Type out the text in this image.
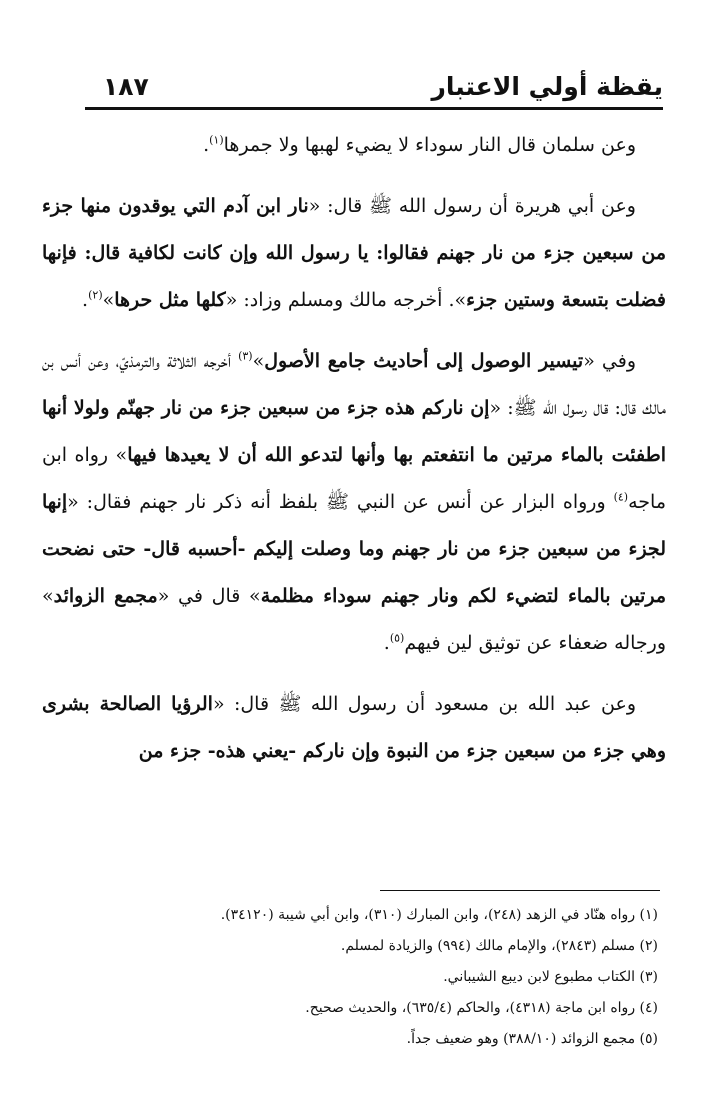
يقظة أولي الاعتبار
١٨٧

وعن سلمان قال النار سوداء لا يضيء لهبها ولا جمرها$^{(١)}$.

وعن أبي هريرة أن رسول الله ﷺ قال: «نار ابن آدم التي يوقدون منها جزء من سبعين جزء من نار جهنم فقالوا: يا رسول الله وإن كانت لكافية قال: فإنها فضلت بتسعة وستين جزء». أخرجه مالك ومسلم وزاد: «كلها مثل حرها»$^{(٢)}$.

وفي «تيسير الوصول إلى أحاديث جامع الأصول»$^{(٣)}$ أخرجه الثلاثة والترمذيّ، وعن أنس بن مالك قال: قال رسول الله ﷺ: «إن ناركم هذه جزء من سبعين جزء من نار جهنّم ولولا أنها اطفئت بالماء مرتين ما انتفعتم بها وأنها لتدعو الله أن لا يعيدها فيها» رواه ابن ماجه$^{(٤)}$ ورواه البزار عن أنس عن النبي ﷺ بلفظ أنه ذكر نار جهنم فقال: «إنها لجزء من سبعين جزء من نار جهنم وما وصلت إليكم -أحسبه قال- حتى نضحت مرتين بالماء لتضيء لكم ونار جهنم سوداء مظلمة» قال في «مجمع الزوائد» ورجاله ضعفاء عن توثيق لين فيهم$^{(٥)}$.

وعن عبد الله بن مسعود أن رسول الله ﷺ قال: «الرؤيا الصالحة بشرى وهي جزء من سبعين جزء من النبوة وإن ناركم -يعني هذه- جزء من

(١) رواه هنّاد في الزهد (٢٤٨)، وابن المبارك (٣١٠)، وابن أبي شيبة (٣٤١٢٠).

(٢) مسلم (٢٨٤٣)، والإمام مالك (٩٩٤) والزيادة لمسلم.

(٣) الكتاب مطبوع لابن ديبع الشيباني.

(٤) رواه ابن ماجة (٤٣١٨)، والحاكم (٦٣٥/٤)، والحديث صحيح.

(٥) مجمع الزوائد (٣٨٨/١٠) وهو ضعيف جداً.
